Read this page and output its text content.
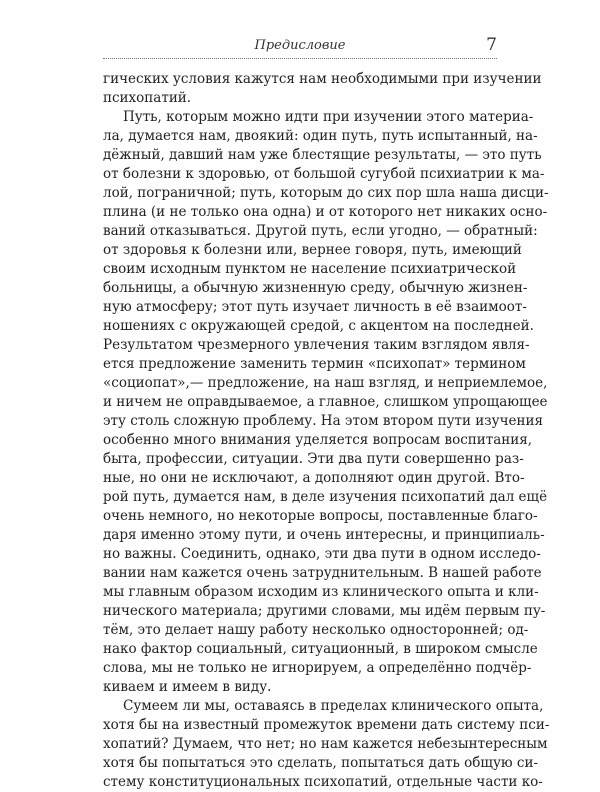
Предисловие	7
гических условия кажутся нам необходимыми при изучении
психопатий.
Путь, которым можно идти при изучении этого материа-
ла, думается нам, двоякий: один путь, путь испытанный, на-
дёжный, давший нам уже блестящие результаты, — это путь
от болезни к здоровью, от большой сугубой психиатрии к ма-
лой, пограничной; путь, которым до сих пор шла наша дисци-
плина (и не только она одна) и от которого нет никаких осно-
ваний отказываться. Другой путь, если угодно, — обратный:
от здоровья к болезни или, вернее говоря, путь, имеющий
своим исходным пунктом не население психиатрической
больницы, а обычную жизненную среду, обычную жизнен-
ную атмосферу; этот путь изучает личность в её взаимоот-
ношениях с окружающей средой, с акцентом на последней.
Результатом чрезмерного увлечения таким взглядом явля-
ется предложение заменить термин «психопат» термином
«социопат»,— предложение, на наш взгляд, и неприемлемое,
и ничем не оправдываемое, а главное, слишком упрощающее
эту столь сложную проблему. На этом втором пути изучения
особенно много внимания уделяется вопросам воспитания,
быта, профессии, ситуации. Эти два пути совершенно раз-
ные, но они не исключают, а дополняют один другой. Вто-
рой путь, думается нам, в деле изучения психопатий дал ещё
очень немного, но некоторые вопросы, поставленные благо-
даря именно этому пути, и очень интересны, и принципиаль-
но важны. Соединить, однако, эти два пути в одном исследо-
вании нам кажется очень затруднительным. В нашей работе
мы главным образом исходим из клинического опыта и кли-
нического материала; другими словами, мы идём первым пу-
тём, это делает нашу работу несколько односторонней; од-
нако фактор социальный, ситуационный, в широком смысле
слова, мы не только не игнорируем, а определённо подчёр-
киваем и имеем в виду.
Сумеем ли мы, оставаясь в пределах клинического опыта,
хотя бы на известный промежуток времени дать систему пси-
хопатий? Думаем, что нет; но нам кажется небезынтересным
хотя бы попытаться это сделать, попытаться дать общую си-
стему конституциональных психопатий, отдельные части ко-
